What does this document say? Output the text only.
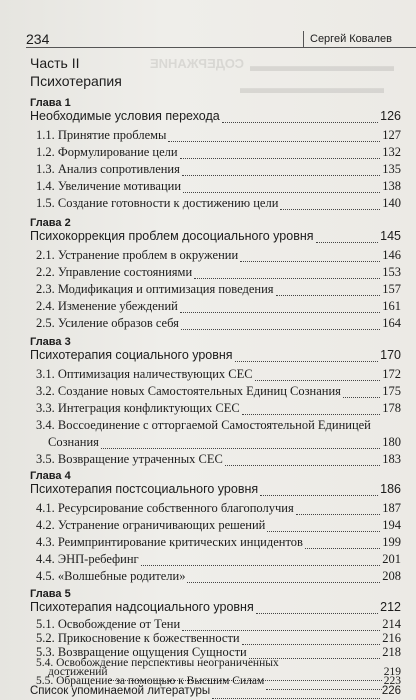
СОДЕРЖАНИЕ ▬▬▬▬▬▬▬▬▬
▬▬▬▬▬▬▬▬▬
234	Сергей Ковалев
Часть II
Психотерапия
Глава 1
Необходимые условия перехода	126
1.1. Принятие проблемы	127
1.2. Формулирование цели	132
1.3. Анализ сопротивления	135
1.4. Увеличение мотивации	138
1.5. Создание готовности к достижению цели	140
Глава 2
Психокоррекция проблем досоциального уровня	145
2.1. Устранение проблем в окружении	146
2.2. Управление состояниями	153
2.3. Модификация и оптимизация поведения	157
2.4. Изменение убеждений	161
2.5. Усиление образов себя	164
Глава 3
Психотерапия социального уровня	170
3.1. Оптимизация наличествующих СЕС	172
3.2. Создание новых Самостоятельных Единиц Сознания	175
3.3. Интеграция конфликтующих СЕС	178
3.4. Воссоединение с отторгаемой Самостоятельной Единицей
Сознания	180
3.5. Возвращение утраченных СЕС	183
Глава 4
Психотерапия постсоциального уровня	186
4.1. Ресурсирование собственного благополучия	187
4.2. Устранение ограничивающих решений	194
4.3. Реимпринтирование критических инцидентов	199
4.4. ЭНП-ребефинг	201
4.5. «Волшебные родители»	208
Глава 5
Психотерапия надсоциального уровня	212
5.1. Освобождение от Тени	214
5.2. Прикосновение к божественности	216
5.3. Возвращение ощущения Сущности	218
5.4. Освобождение перспективы неограниченных
достижений	219
5.5. Обращение за помощью к Высшим Силам	223
Список упоминаемой литературы	226
